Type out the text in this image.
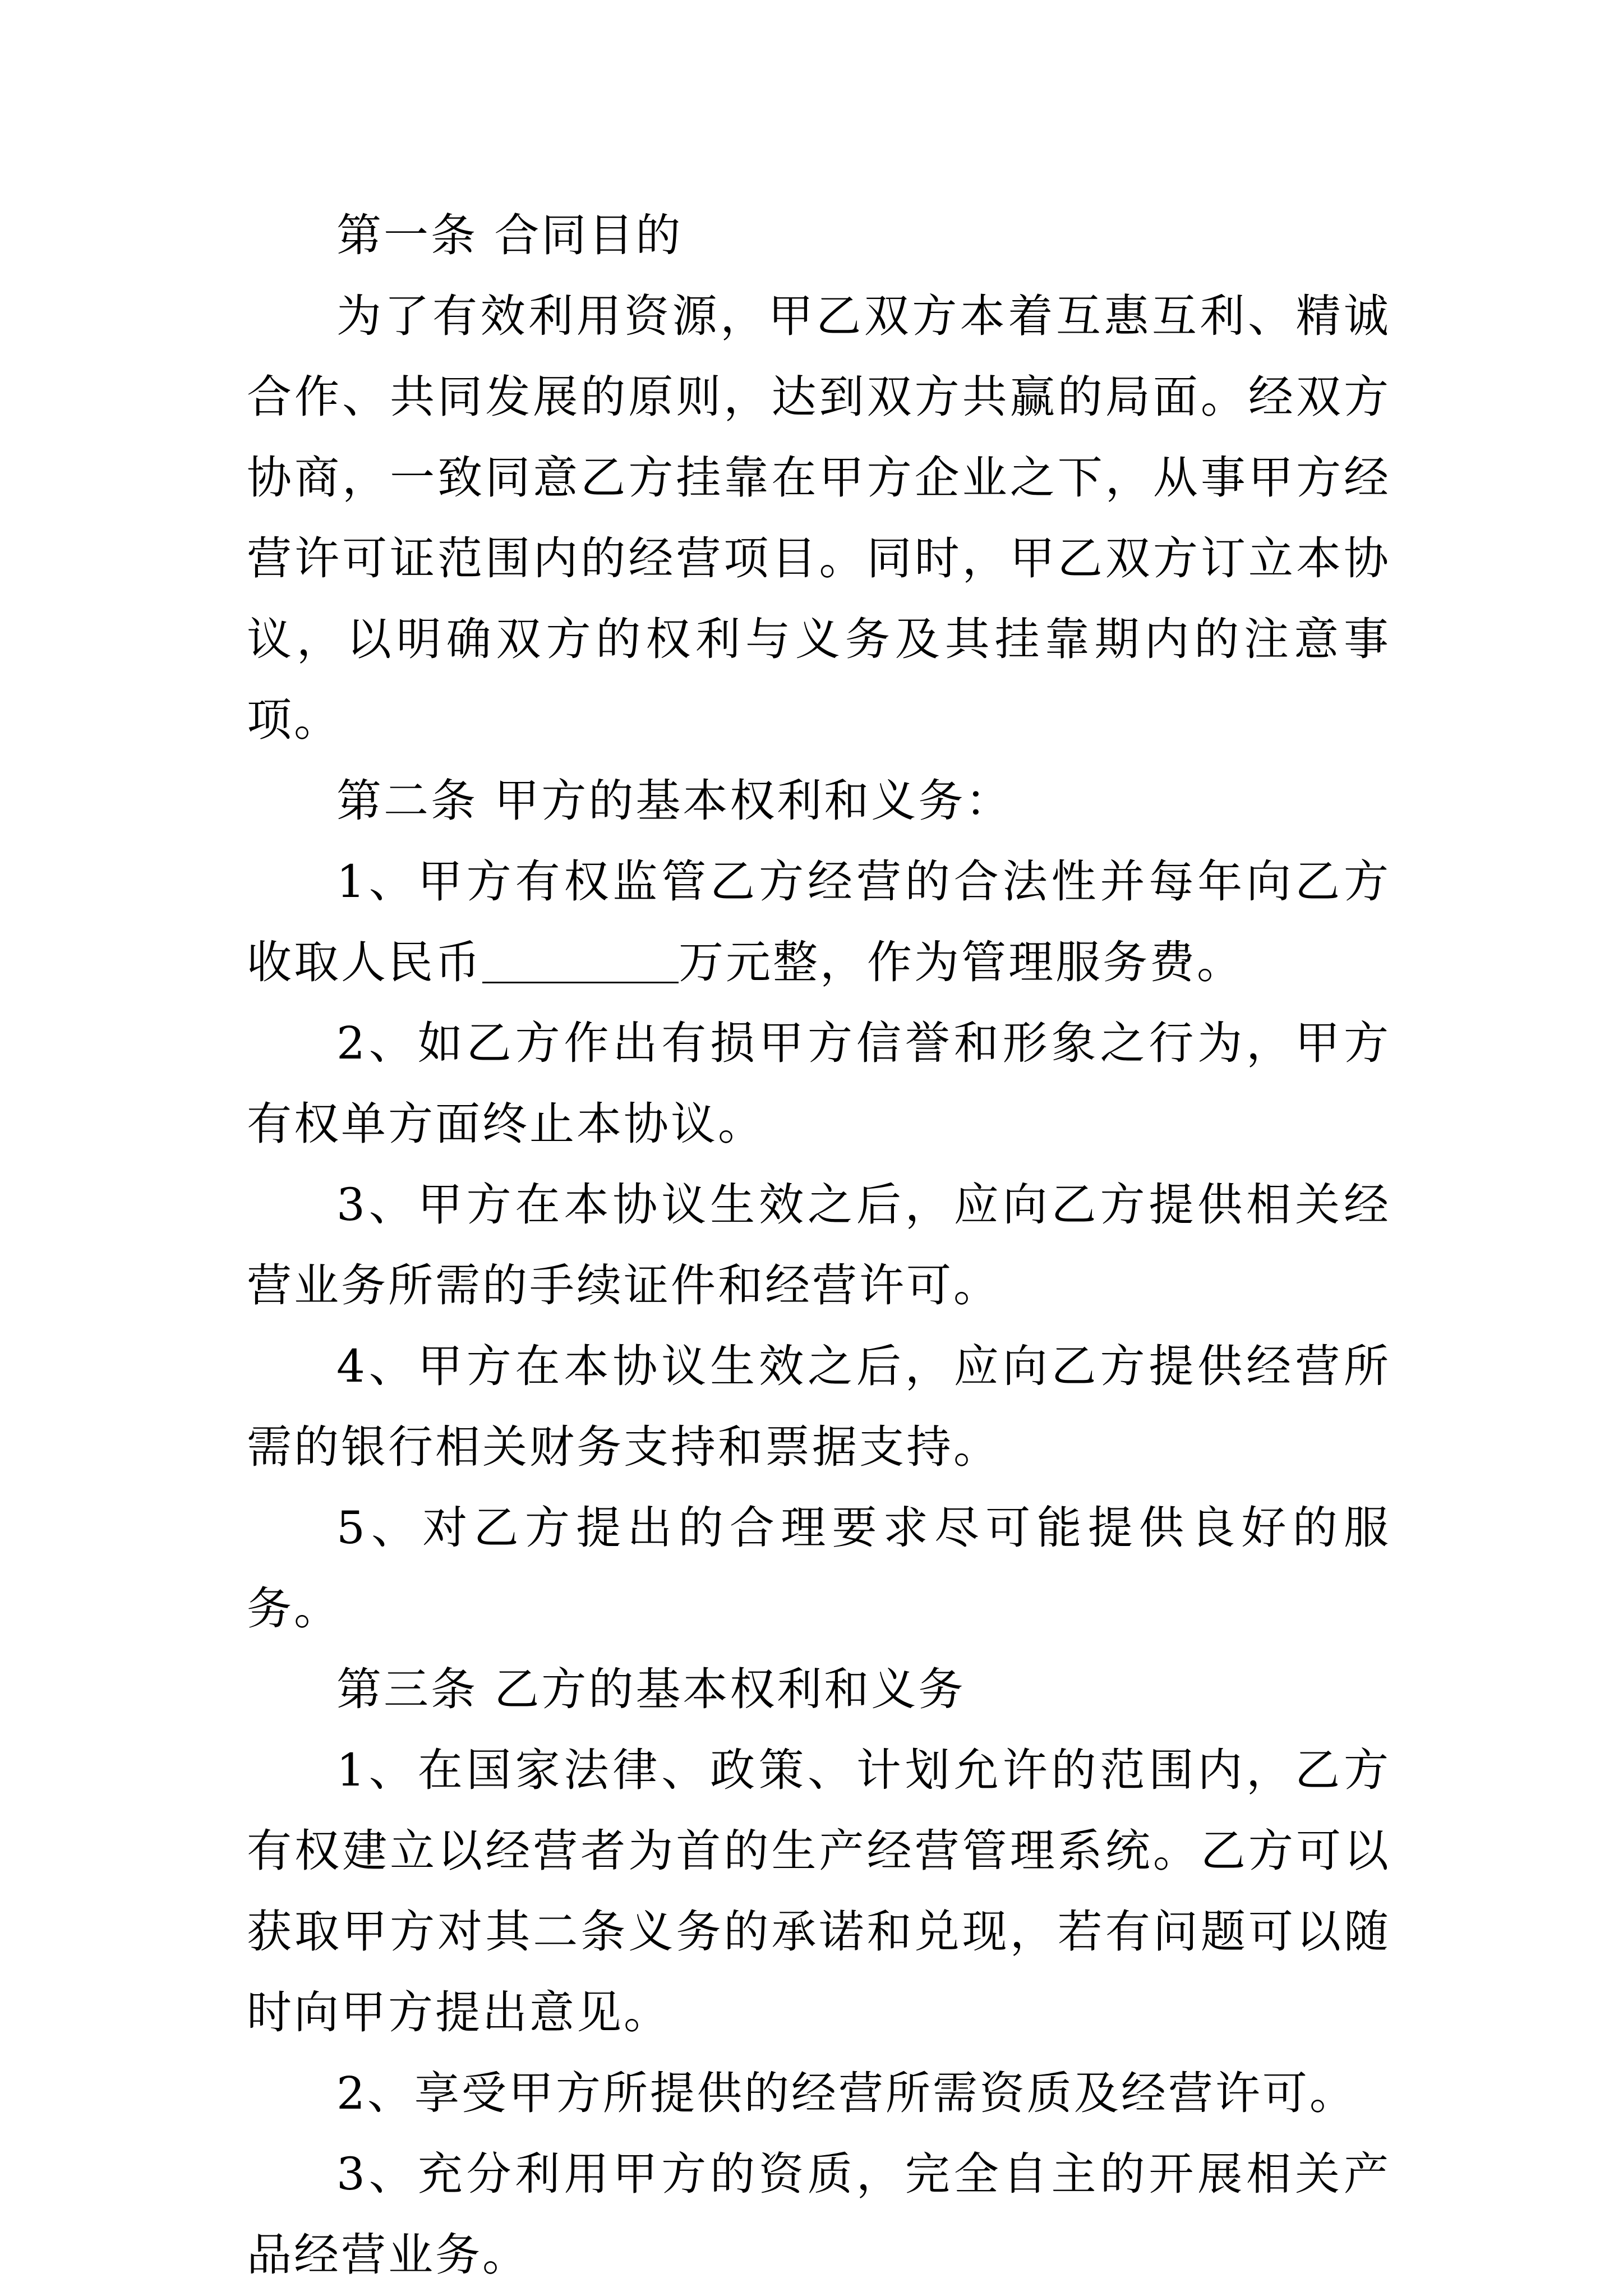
第一条 合同目的

为了有效利用资源，甲乙双方本着互惠互利、精诚合作、共同发展的原则，达到双方共赢的局面。经双方协商，一致同意乙方挂靠在甲方企业之下，从事甲方经营许可证范围内的经营项目。同时，甲乙双方订立本协议，以明确双方的权利与义务及其挂靠期内的注意事项。

第二条 甲方的基本权利和义务：

1、甲方有权监管乙方经营的合法性并每年向乙方收取人民币	万元整，作为管理服务费。

2、如乙方作出有损甲方信誉和形象之行为，甲方有权单方面终止本协议。

3、甲方在本协议生效之后，应向乙方提供相关经营业务所需的手续证件和经营许可。

4、甲方在本协议生效之后，应向乙方提供经营所需的银行相关财务支持和票据支持。

5、对乙方提出的合理要求尽可能提供良好的服务。

第三条 乙方的基本权利和义务

1、在国家法律、政策、计划允许的范围内，乙方有权建立以经营者为首的生产经营管理系统。乙方可以获取甲方对其二条义务的承诺和兑现，若有问题可以随时向甲方提出意见。

2、享受甲方所提供的经营所需资质及经营许可。

3、充分利用甲方的资质，完全自主的开展相关产品经营业务。
